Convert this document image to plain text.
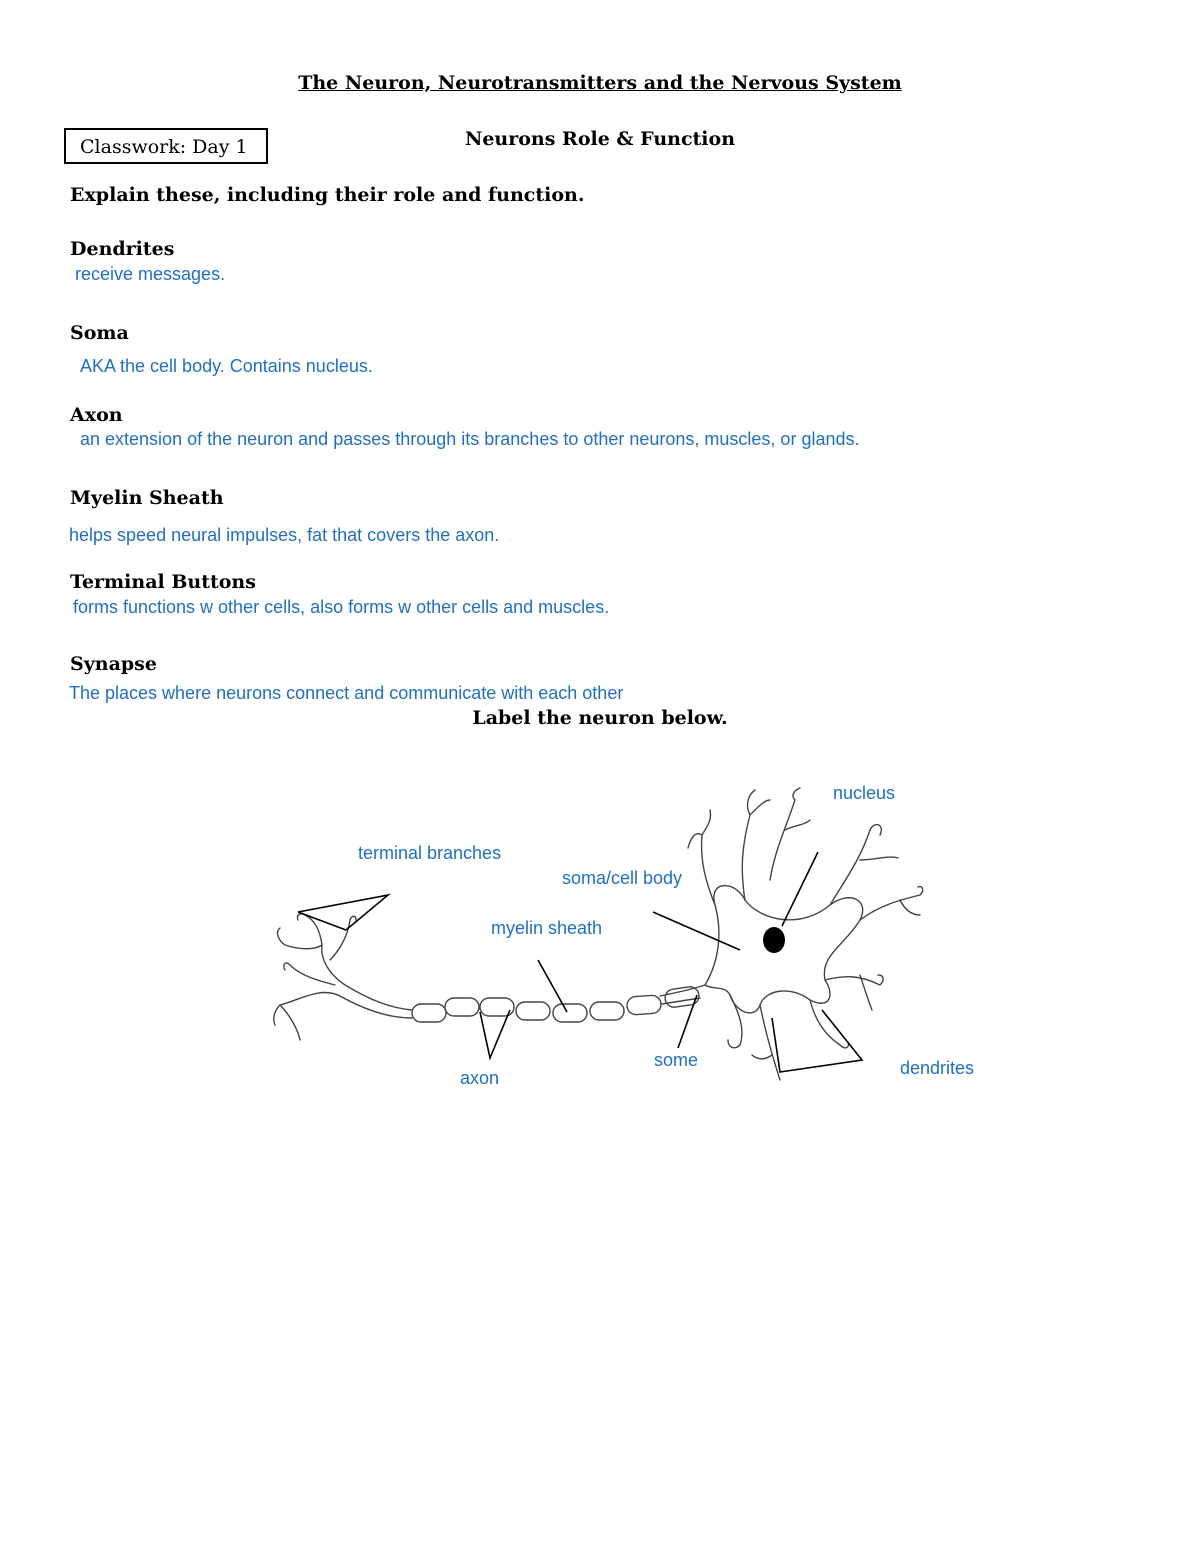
The Neuron, Neurotransmitters and the Nervous System
Classwork: Day 1	Neurons Role & Function
Explain these, including their role and function.
Dendrites
receive messages.
Soma
AKA the cell body. Contains nucleus.
Axon
an extension of the neuron and passes through its branches to other neurons, muscles, or glands.
Myelin Sheath
helps speed neural impulses, fat that covers the axon.
Terminal Buttons
forms functions w other cells, also forms w other cells and muscles.
Synapse
The places where neurons connect and communicate with each other
Label the neuron below.
nucleus
terminal branches
soma/cell body
myelin sheath
axon
some	dendrites
